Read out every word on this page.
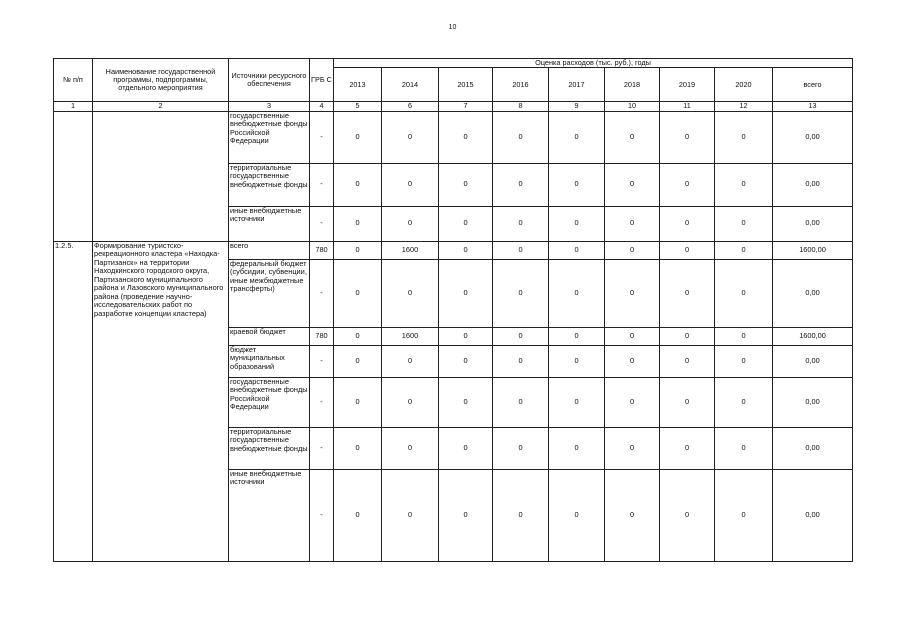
10
№ п/п	Наименование государственной программы, подпрограммы, отдельного мероприятия	Источники ресурсного обеспечения	ГРБ С	Оценка расходов (тыс. руб.), годы								
				2013	2014	2015	2016	2017	2018	2019	2020	всего
1	2	3	4	5	6	7	8	9	10	11	12	13
		государственные внебюджетные фонды Российской Федерации	-	0	0	0	0	0	0	0	0	0,00
		территориальные государственные внебюджетные фонды	-	0	0	0	0	0	0	0	0	0,00
		иные внебюджетные источники	-	0	0	0	0	0	0	0	0	0,00
1.2.5.	Формирование туристско-рекреационного кластера «Находка-Партизанск» на территории Находкинского городского округа, Партизанского муниципального района и Лазовского муниципального района (проведение научно-исследовательских работ по разработке концепции кластера)	всего	780	0	1600	0	0	0	0	0	0	1600,00
		федеральный бюджет (субсидии, субвенции, иные межбюджетные трансферты)	-	0	0	0	0	0	0	0	0	0,00
		краевой бюджет	780	0	1600	0	0	0	0	0	0	1600,00
		бюджет муниципальных образований	-	0	0	0	0	0	0	0	0	0,00
		государственные внебюджетные фонды Российской Федерации	-	0	0	0	0	0	0	0	0	0,00
		территориальные государственные внебюджетные фонды	-	0	0	0	0	0	0	0	0	0,00
		иные внебюджетные источники	-	0	0	0	0	0	0	0	0	0,00
